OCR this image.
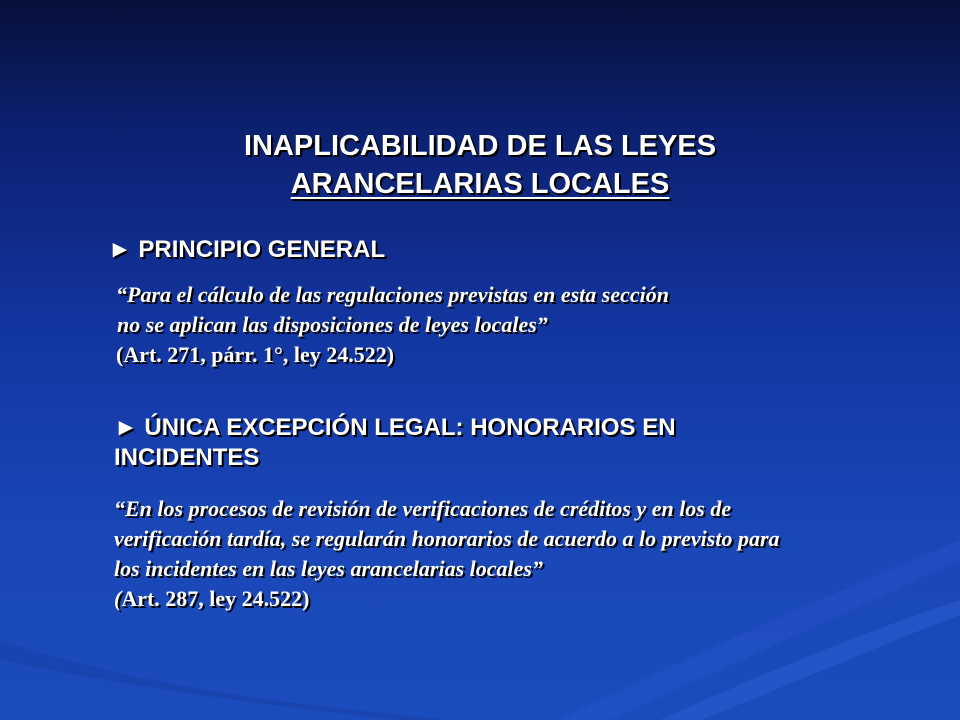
INAPLICABILIDAD DE LAS LEYES

ARANCELARIAS LOCALES

► PRINCIPIO GENERAL

“Para el cálculo de las regulaciones previstas en esta sección
no se aplican las disposiciones de leyes locales”
(Art. 271, párr. 1°, ley 24.522)
► ÚNICA EXCEPCIÓN LEGAL: HONORARIOS EN
INCIDENTES
“En los procesos de revisión de verificaciones de créditos y en los de
verificación tardía, se regularán honorarios de acuerdo a lo previsto para
los incidentes en las leyes arancelarias locales”
(Art. 287, ley 24.522)
